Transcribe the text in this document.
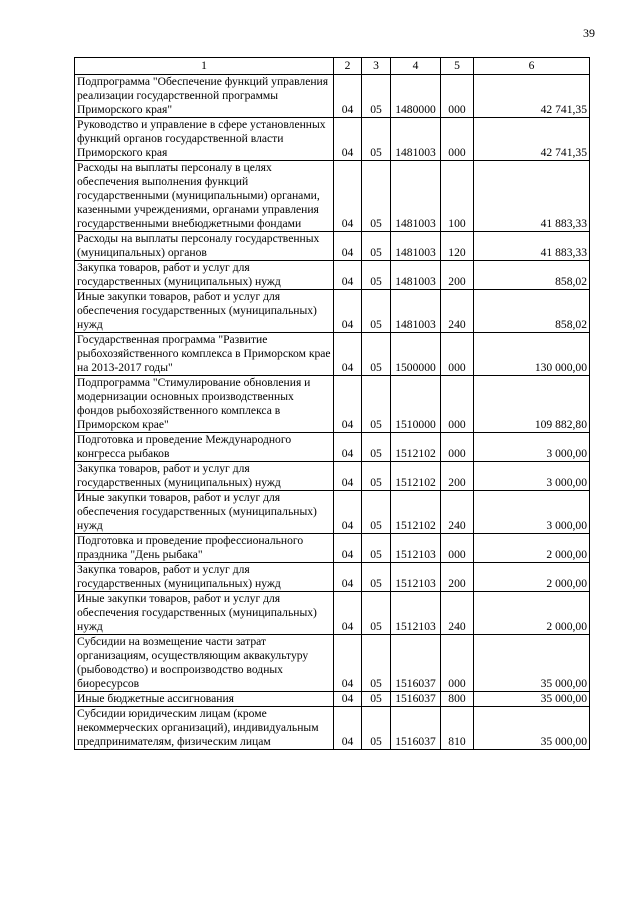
39
1	2	3	4	5	6
Подпрограмма "Обеспечение функций управления реализации государственной программы Приморского края"	04	05	1480000	000	42 741,35
Руководство и управление в сфере установленных функций органов государственной власти Приморского края	04	05	1481003	000	42 741,35
Расходы на выплаты персоналу в целях обеспечения выполнения функций государственными (муниципальными) органами, казенными учреждениями, органами управления государственными внебюджетными фондами	04	05	1481003	100	41 883,33
Расходы на выплаты персоналу государственных (муниципальных) органов	04	05	1481003	120	41 883,33
Закупка товаров, работ и услуг для государственных (муниципальных) нужд	04	05	1481003	200	858,02
Иные закупки товаров, работ и услуг для обеспечения государственных (муниципальных) нужд	04	05	1481003	240	858,02
Государственная программа "Развитие рыбохозяйственного комплекса в Приморском крае на 2013-2017 годы"	04	05	1500000	000	130 000,00
Подпрограмма "Стимулирование обновления и модернизации основных производственных фондов рыбохозяйственного комплекса в Приморском крае"	04	05	1510000	000	109 882,80
Подготовка и проведение Международного конгресса рыбаков	04	05	1512102	000	3 000,00
Закупка товаров, работ и услуг для государственных (муниципальных) нужд	04	05	1512102	200	3 000,00
Иные закупки товаров, работ и услуг для обеспечения государственных (муниципальных) нужд	04	05	1512102	240	3 000,00
Подготовка и проведение профессионального праздника "День рыбака"	04	05	1512103	000	2 000,00
Закупка товаров, работ и услуг для государственных (муниципальных) нужд	04	05	1512103	200	2 000,00
Иные закупки товаров, работ и услуг для обеспечения государственных (муниципальных) нужд	04	05	1512103	240	2 000,00
Субсидии на возмещение части затрат организациям, осуществляющим аквакультуру (рыбоводство) и воспроизводство водных биоресурсов	04	05	1516037	000	35 000,00
Иные бюджетные ассигнования	04	05	1516037	800	35 000,00
Субсидии юридическим лицам (кроме некоммерческих организаций), индивидуальным предпринимателям, физическим лицам	04	05	1516037	810	35 000,00
